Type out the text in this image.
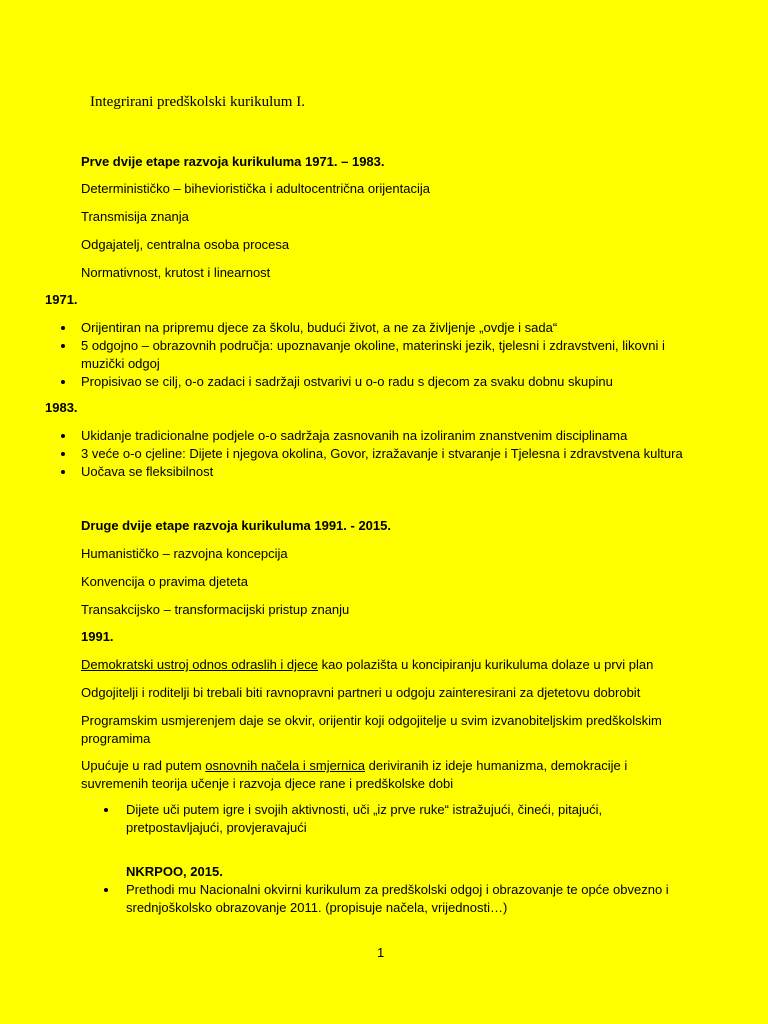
Integrirani predškolski kurikulum I.
Prve dvije etape razvoja kurikuluma 1971. – 1983.
Determinističko – bihevioristička i adultocentrična orijentacija
Transmisija znanja
Odgajatelj, centralna osoba procesa
Normativnost, krutost i linearnost
1971.
Orijentiran na pripremu djece za školu, budući život, a ne za življenje „ovdje i sada“
5 odgojno – obrazovnih područja: upoznavanje okoline, materinski jezik, tjelesni i zdravstveni, likovni i
muzički odgoj
Propisivao se cilj, o-o zadaci i sadržaji ostvarivi u o-o radu s djecom za svaku dobnu skupinu
1983.
Ukidanje tradicionalne podjele o-o sadržaja zasnovanih na izoliranim znanstvenim disciplinama
3 veće o-o cjeline: Dijete i njegova okolina, Govor, izražavanje i stvaranje i Tjelesna i zdravstvena kultura
Uočava se fleksibilnost
Druge dvije etape razvoja kurikuluma 1991. - 2015.
Humanističko – razvojna koncepcija
Konvencija o pravima djeteta
Transakcijsko – transformacijski pristup znanju
1991.
Demokratski ustroj odnos odraslih i djece kao polazišta u koncipiranju kurikuluma dolaze u prvi plan
Odgojitelji i roditelji bi trebali biti ravnopravni partneri u odgoju zainteresirani za djetetovu dobrobit
Programskim usmjerenjem daje se okvir, orijentir koji odgojitelje u svim izvanobiteljskim predškolskim
programima
Upućuje u rad putem osnovnih načela i smjernica deriviranih iz ideje humanizma, demokracije i
suvremenih teorija učenje i razvoja djece rane i predškolske dobi
Dijete uči putem igre i svojih aktivnosti, uči „iz prve ruke“ istražujući, čineći, pitajući,
pretpostavljajući, provjeravajući
NKRPOO, 2015.
Prethodi mu Nacionalni okvirni kurikulum za predškolski odgoj i obrazovanje te opće obvezno i
srednjoškolsko obrazovanje 2011. (propisuje načela, vrijednosti…)
1
